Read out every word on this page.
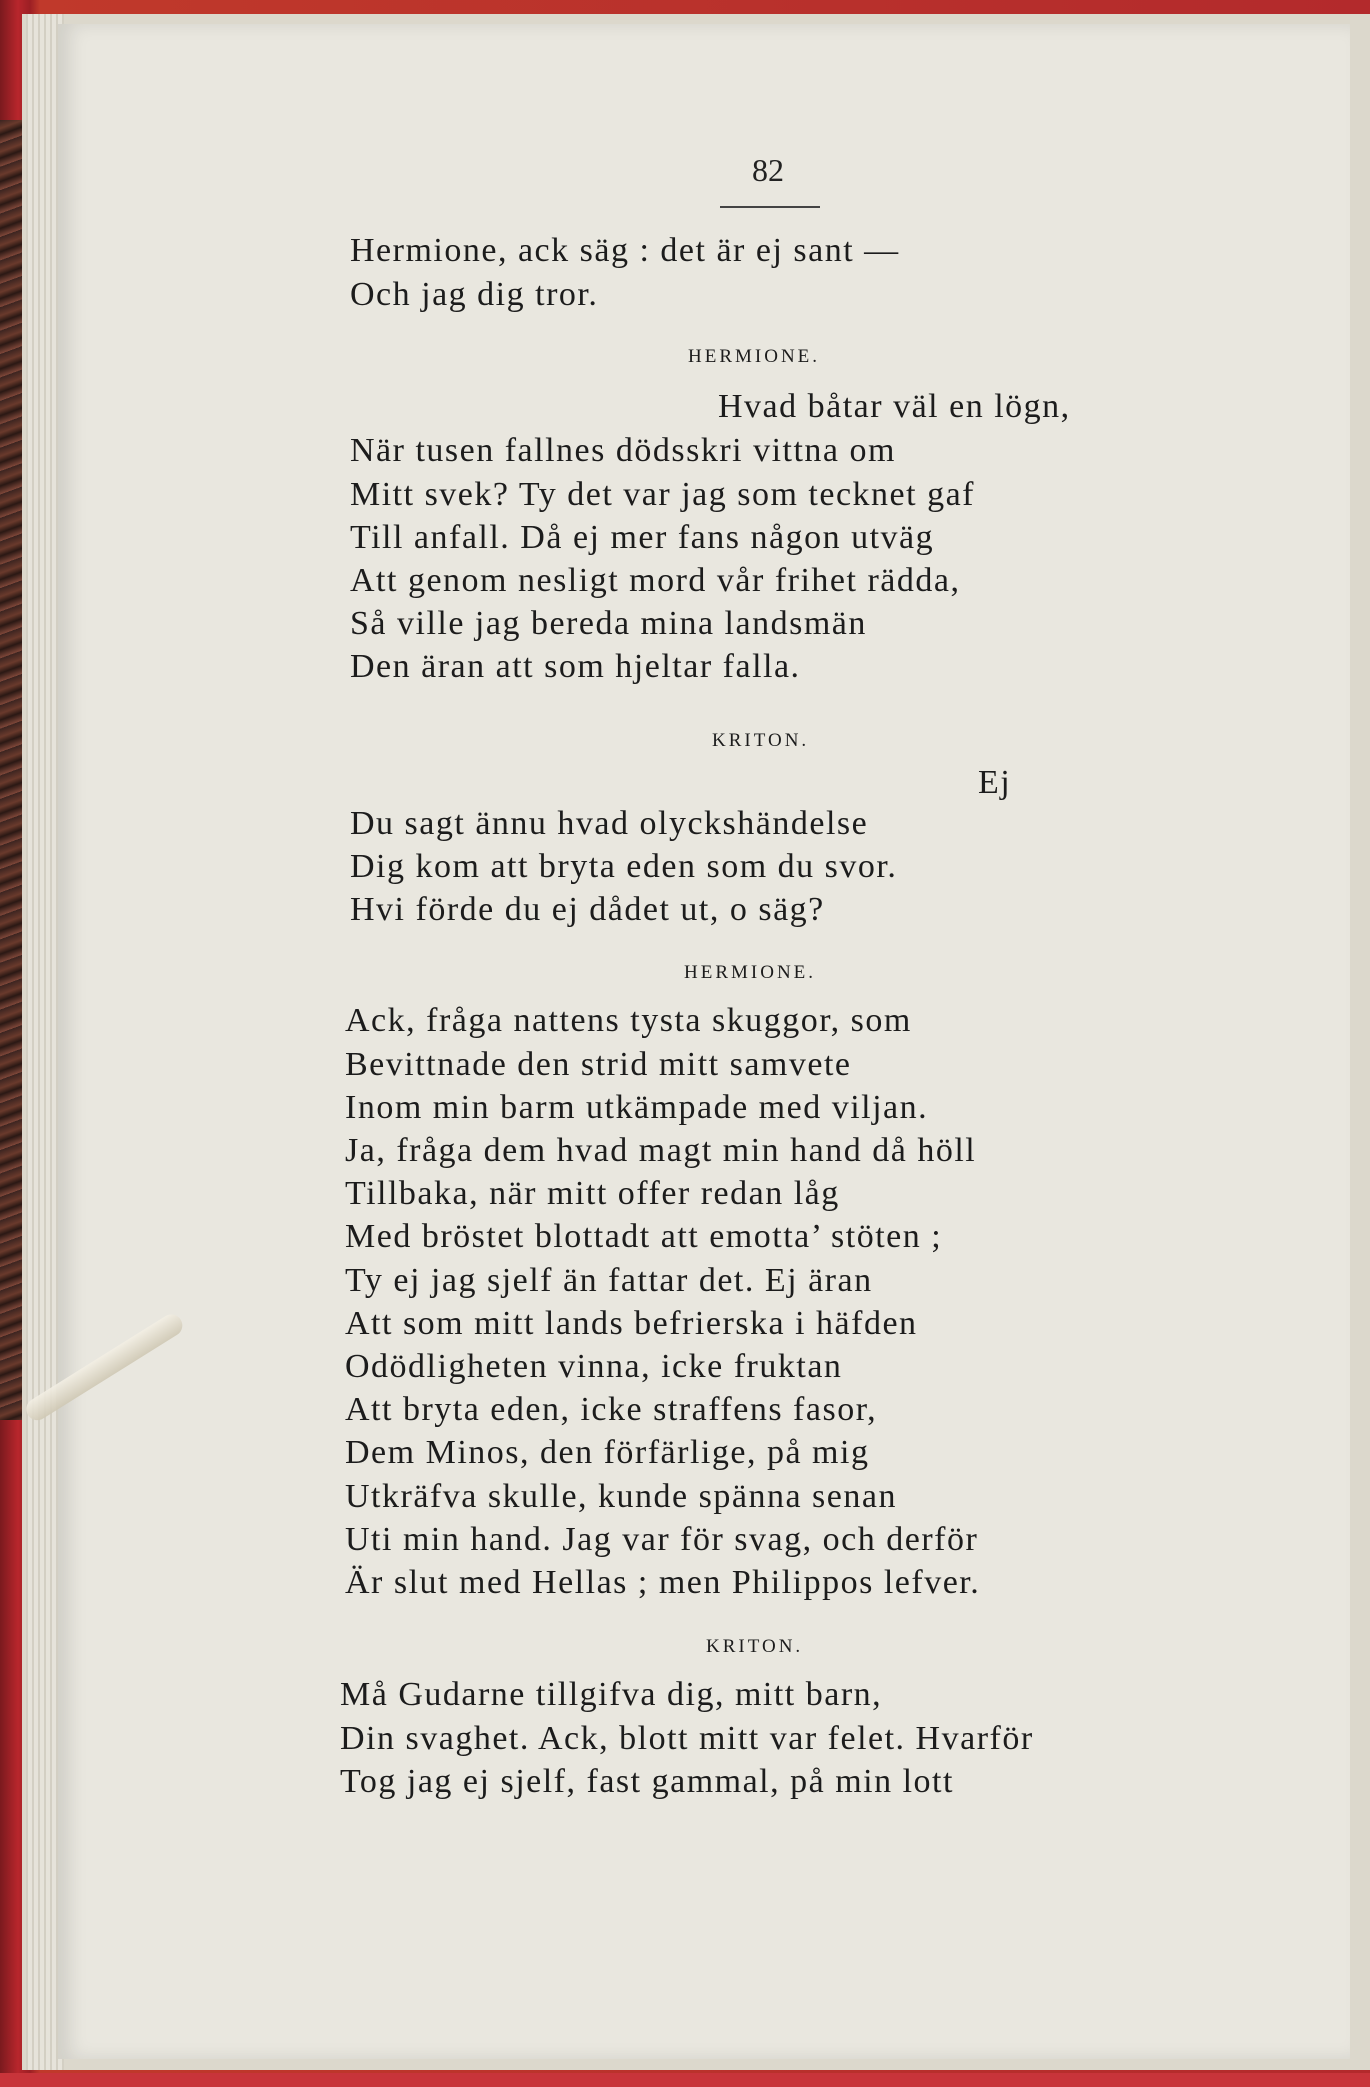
82
Hermione, ack säg : det är ej sant —
Och jag dig tror.
HERMIONE.
Hvad båtar väl en lögn,
När tusen fallnes dödsskri vittna om
Mitt svek? Ty det var jag som tecknet gaf
Till anfall. Då ej mer fans någon utväg
Att genom nesligt mord vår frihet rädda,
Så ville jag bereda mina landsmän
Den äran att som hjeltar falla.
KRITON.
Ej
Du sagt ännu hvad olyckshändelse
Dig kom att bryta eden som du svor.
Hvi förde du ej dådet ut, o säg?
HERMIONE.
Ack, fråga nattens tysta skuggor, som
Bevittnade den strid mitt samvete
Inom min barm utkämpade med viljan.
Ja, fråga dem hvad magt min hand då höll
Tillbaka, när mitt offer redan låg
Med bröstet blottadt att emotta’ stöten ;
Ty ej jag sjelf än fattar det. Ej äran
Att som mitt lands befrierska i häfden
Odödligheten vinna, icke fruktan
Att bryta eden, icke straffens fasor,
Dem Minos, den förfärlige, på mig
Utkräfva skulle, kunde spänna senan
Uti min hand. Jag var för svag, och derför
Är slut med Hellas ; men Philippos lefver.
KRITON.
Må Gudarne tillgifva dig, mitt barn,
Din svaghet. Ack, blott mitt var felet. Hvarför
Tog jag ej sjelf, fast gammal, på min lott
